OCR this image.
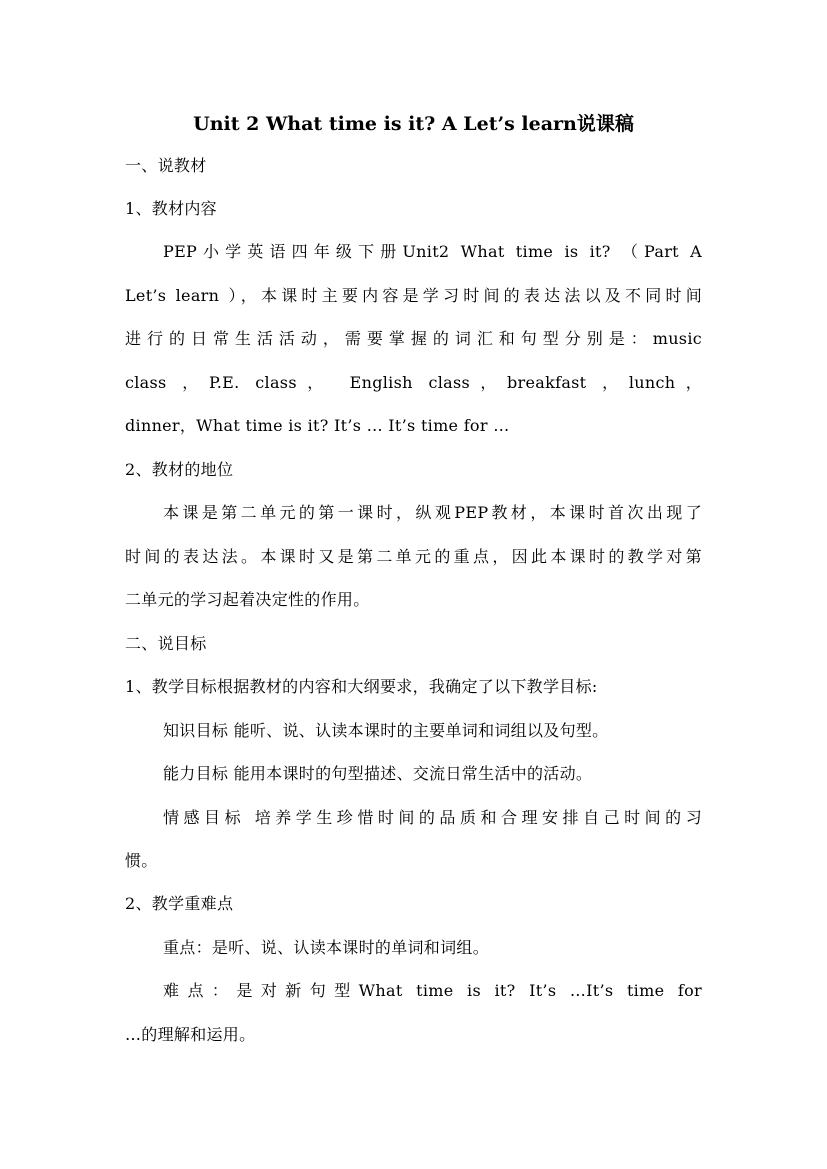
Unit 2 What time is it? A Let’s learn说课稿
一、说教材
1、教材内容
PEP小学英语四年级下册Unit2 What time is it? （Part A
Let’s learn ），本课时主要内容是学习时间的表达法以及不同时间
进行的日常生活活动，需要掌握的词汇和句型分别是：music
class ，P.E. class， English class，breakfast ，lunch，
dinner，What time is it? It’s … It’s time for …
2、教材的地位
本课是第二单元的第一课时，纵观PEP教材，本课时首次出现了
时间的表达法。本课时又是第二单元的重点，因此本课时的教学对第
二单元的学习起着决定性的作用。
二、说目标
1、教学目标根据教材的内容和大纲要求，我确定了以下教学目标:
知识目标 能听、说、认读本课时的主要单词和词组以及句型。
能力目标 能用本课时的句型描述、交流日常生活中的活动。
情感目标 培养学生珍惜时间的品质和合理安排自己时间的习
惯。
2、教学重难点
重点：是听、说、认读本课时的单词和词组。
难点：是对新句型What time is it? It’s …It’s time for
…的理解和运用。
